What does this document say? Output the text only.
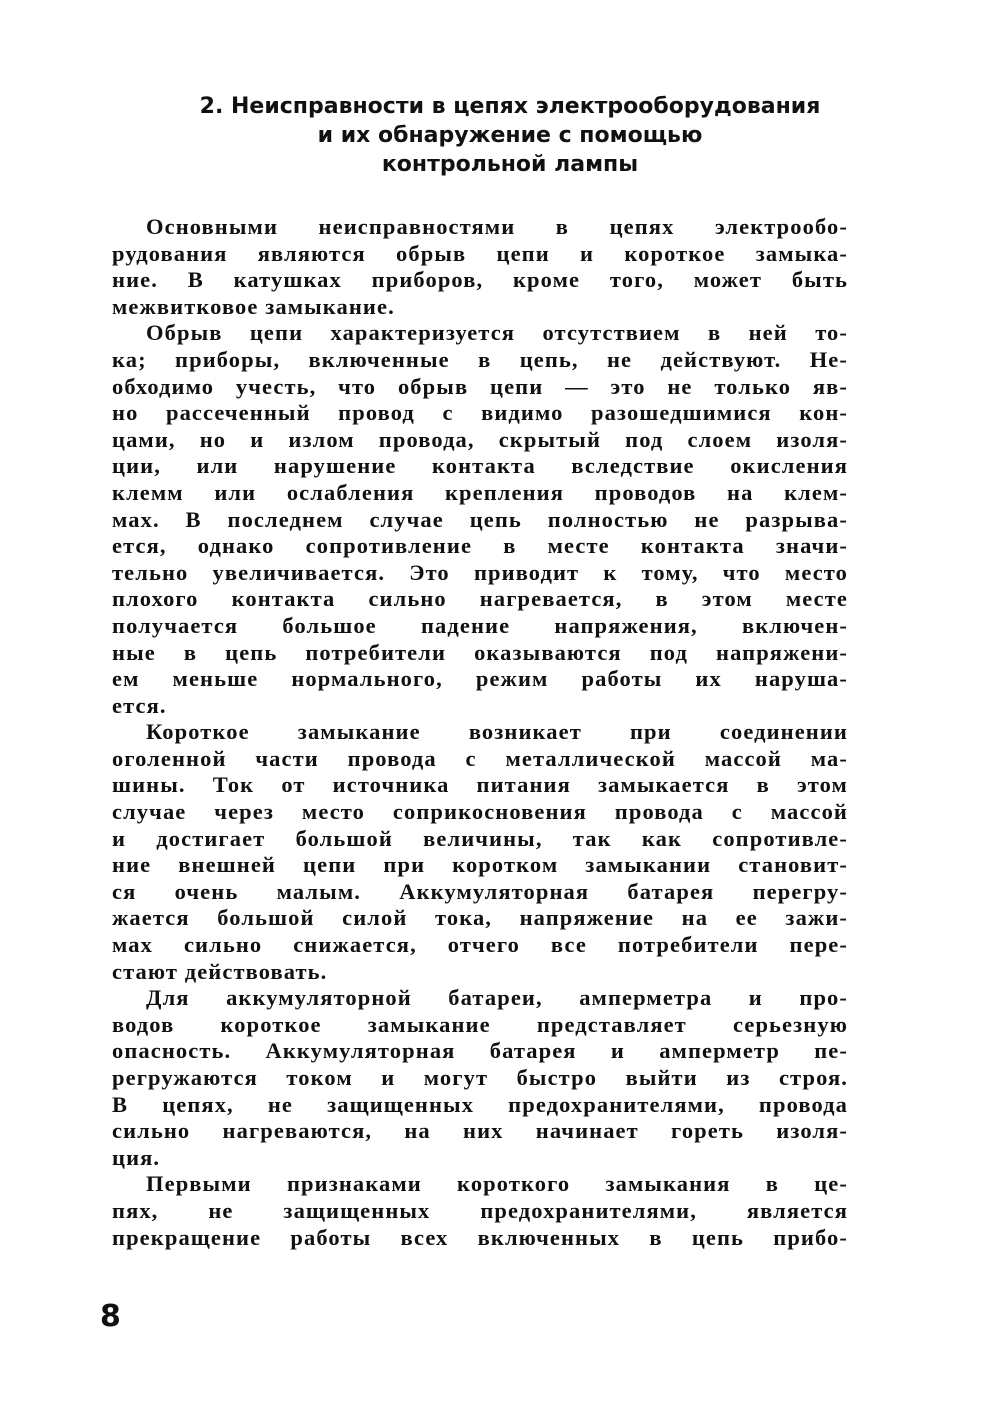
2. Неисправности в цепях электрооборудования
и их обнаружение с помощью
контрольной лампы
Основными неисправностями в цепях электрообо-
рудования являются обрыв цепи и короткое замыка-
ние. В катушках приборов, кроме того, может быть
межвитковое замыкание.
Обрыв цепи характеризуется отсутствием в ней то-
ка; приборы, включенные в цепь, не действуют. Не-
обходимо учесть, что обрыв цепи — это не только яв-
но рассеченный провод с видимо разошедшимися кон-
цами, но и излом провода, скрытый под слоем изоля-
ции, или нарушение контакта вследствие окисления
клемм или ослабления крепления проводов на клем-
мах. В последнем случае цепь полностью не разрыва-
ется, однако сопротивление в месте контакта значи-
тельно увеличивается. Это приводит к тому, что место
плохого контакта сильно нагревается, в этом месте
получается большое падение напряжения, включен-
ные в цепь потребители оказываются под напряжени-
ем меньше нормального, режим работы их наруша-
ется.
Короткое замыкание возникает при соединении
оголенной части провода с металлической массой ма-
шины. Ток от источника питания замыкается в этом
случае через место соприкосновения провода с массой
и достигает большой величины, так как сопротивле-
ние внешней цепи при коротком замыкании становит-
ся очень малым. Аккумуляторная батарея перегру-
жается большой силой тока, напряжение на ее зажи-
мах сильно снижается, отчего все потребители пере-
стают действовать.
Для аккумуляторной батареи, амперметра и про-
водов короткое замыкание представляет серьезную
опасность. Аккумуляторная батарея и амперметр пе-
регружаются током и могут быстро выйти из строя.
В цепях, не защищенных предохранителями, провода
сильно нагреваются, на них начинает гореть изоля-
ция.
Первыми признаками короткого замыкания в це-
пях, не защищенных предохранителями, является
прекращение работы всех включенных в цепь прибо-
8
